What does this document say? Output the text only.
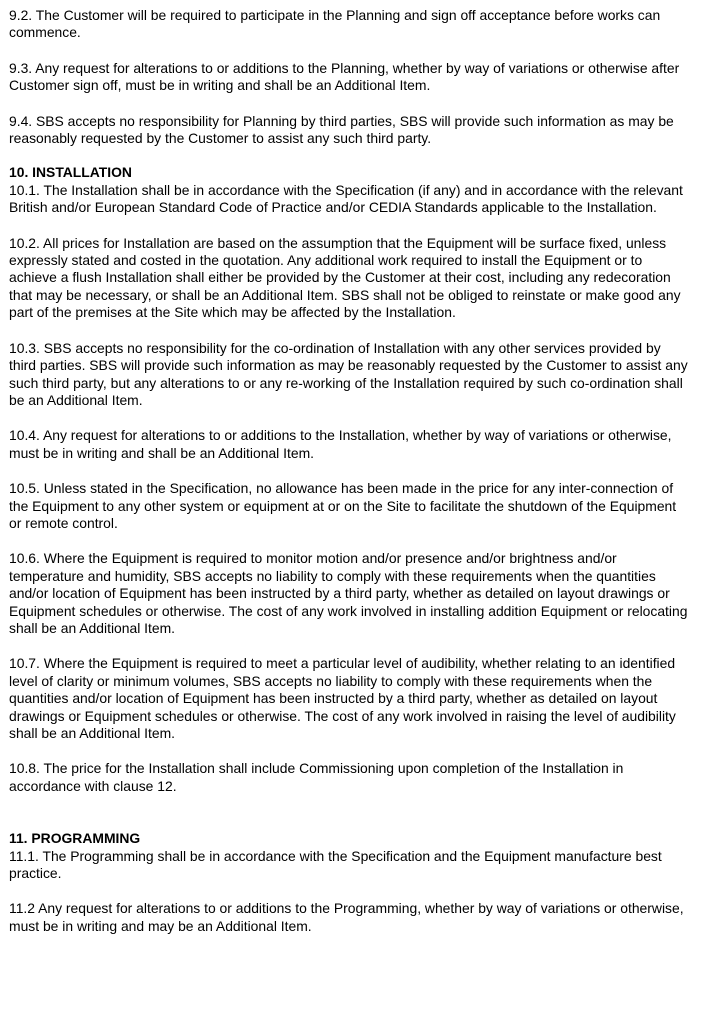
9.2. The Customer will be required to participate in the Planning and sign off acceptance before works can commence.

9.3. Any request for alterations to or additions to the Planning, whether by way of variations or otherwise after Customer sign off, must be in writing and shall be an Additional Item.

9.4. SBS accepts no responsibility for Planning by third parties, SBS will provide such information as may be reasonably requested by the Customer to assist any such third party.

10. INSTALLATION

10.1. The Installation shall be in accordance with the Specification (if any) and in accordance with the relevant British and/or European Standard Code of Practice and/or CEDIA Standards applicable to the Installation.

10.2. All prices for Installation are based on the assumption that the Equipment will be surface fixed, unless expressly stated and costed in the quotation. Any additional work required to install the Equipment or to achieve a flush Installation shall either be provided by the Customer at their cost, including any redecoration that may be necessary, or shall be an Additional Item. SBS shall not be obliged to reinstate or make good any part of the premises at the Site which may be affected by the Installation.

10.3. SBS accepts no responsibility for the co-ordination of Installation with any other services provided by third parties. SBS will provide such information as may be reasonably requested by the Customer to assist any such third party, but any alterations to or any re-working of the Installation required by such co-ordination shall be an Additional Item.

10.4. Any request for alterations to or additions to the Installation, whether by way of variations or otherwise, must be in writing and shall be an Additional Item.

10.5. Unless stated in the Specification, no allowance has been made in the price for any inter-connection of the Equipment to any other system or equipment at or on the Site to facilitate the shutdown of the Equipment or remote control.

10.6. Where the Equipment is required to monitor motion and/or presence and/or brightness and/or temperature and humidity, SBS accepts no liability to comply with these requirements when the quantities and/or location of Equipment has been instructed by a third party, whether as detailed on layout drawings or Equipment schedules or otherwise. The cost of any work involved in installing addition Equipment or relocating shall be an Additional Item.

10.7. Where the Equipment is required to meet a particular level of audibility, whether relating to an identified level of clarity or minimum volumes, SBS accepts no liability to comply with these requirements when the quantities and/or location of Equipment has been instructed by a third party, whether as detailed on layout drawings or Equipment schedules or otherwise. The cost of any work involved in raising the level of audibility shall be an Additional Item.

10.8. The price for the Installation shall include Commissioning upon completion of the Installation in accordance with clause 12.

11. PROGRAMMING

11.1. The Programming shall be in accordance with the Specification and the Equipment manufacture best practice.

11.2 Any request for alterations to or additions to the Programming, whether by way of variations or otherwise, must be in writing and may be an Additional Item.
